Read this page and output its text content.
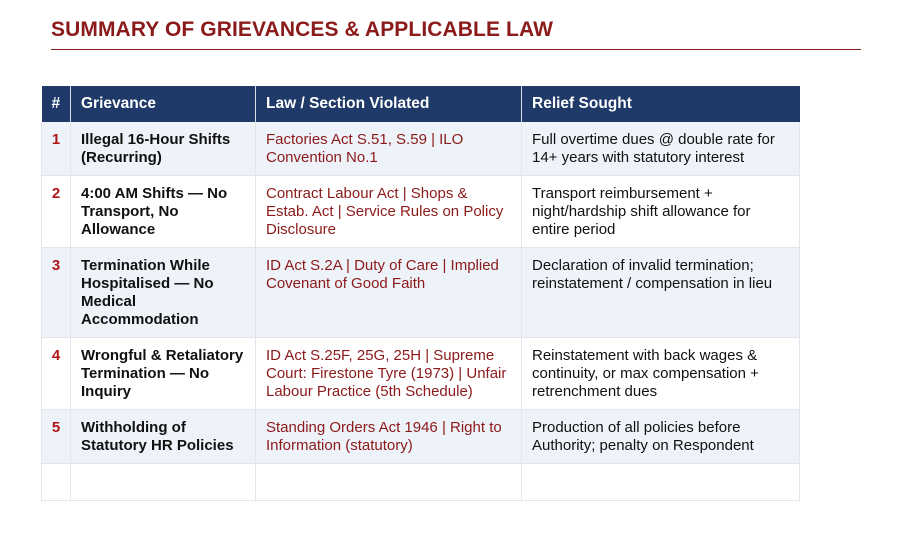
SUMMARY OF GRIEVANCES & APPLICABLE LAW
#	Grievance	Law / Section Violated	Relief Sought
1	Illegal 16-Hour Shifts (Recurring)	Factories Act S.51, S.59 | ILO Convention No.1	Full overtime dues @ double rate for 14+ years with statutory interest
2	4:00 AM Shifts — No Transport, No Allowance	Contract Labour Act | Shops & Estab. Act | Service Rules on Policy Disclosure	Transport reimbursement + night/hardship shift allowance for entire period
3	Termination While Hospitalised — No Medical Accommodation	ID Act S.2A | Duty of Care | Implied Covenant of Good Faith	Declaration of invalid termination; reinstatement / compensation in lieu
4	Wrongful & Retaliatory Termination — No Inquiry	ID Act S.25F, 25G, 25H | Supreme Court: Firestone Tyre (1973) | Unfair Labour Practice (5th Schedule)	Reinstatement with back wages & continuity, or max compensation + retrenchment dues
5	Withholding of Statutory HR Policies	Standing Orders Act 1946 | Right to Information (statutory)	Production of all policies before Authority; penalty on Respondent
